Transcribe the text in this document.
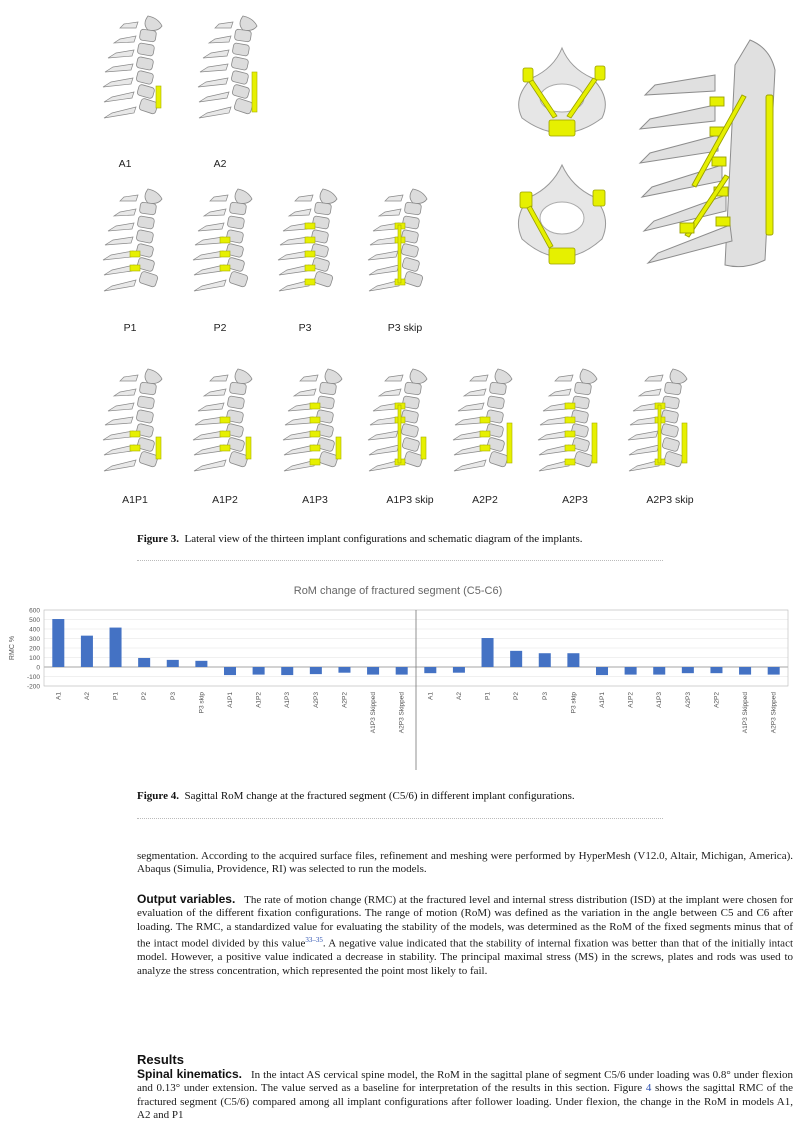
A1	A2
P1	P2	P3	P3 skip
A1P1	A1P2	A1P3	A1P3 skip	A2P2	A2P3	A2P3 skip
Figure 3. Lateral view of the thirteen implant configurations and schematic diagram of the implants.
RoM change of fractured segment (C5-C6)
RMC %
600
500
400
300
200
100
0
-100
-200
A1	A2	P1	P2	P3	P3 skip	A1P1	A1P2	A1P3	A2P3	A2P2	A1P3 Skipped	A2P3 Skipped	A1	A2	P1	P2	P3	P3 skip	A1P1	A1P2	A1P3	A2P3	A2P2	A1P3 Skipped	A2P3 Skipped
Figure 4. Sagittal RoM change at the fractured segment (C5/6) in different implant configurations.
segmentation. According to the acquired surface files, refinement and meshing were performed by HyperMesh (V12.0, Altair, Michigan, America). Abaqus (Simulia, Providence, RI) was selected to run the models.
Output variables. The rate of motion change (RMC) at the fractured level and internal stress distribution (ISD) at the implant were chosen for evaluation of the different fixation configurations. The range of motion (RoM) was defined as the variation in the angle between C5 and C6 after loading. The RMC, a standardized value for evaluating the stability of the models, was determined as the RoM of the fixed segments minus that of the intact model divided by this value$^{33-35}$. A negative value indicated that the stability of internal fixation was better than that of the initially intact model. However, a positive value indicated a decrease in stability. The principal maximal stress (MS) in the screws, plates and rods was used to analyze the stress concentration, which represented the point most likely to fail.
Results
Spinal kinematics. In the intact AS cervical spine model, the RoM in the sagittal plane of segment C5/6 under loading was 0.8° under flexion and 0.13° under extension. The value served as a baseline for interpretation of the results in this section. Figure 4 shows the sagittal RMC of the fractured segment (C5/6) compared among all implant configurations after follower loading. Under flexion, the change in the RoM in models A1, A2 and P1
